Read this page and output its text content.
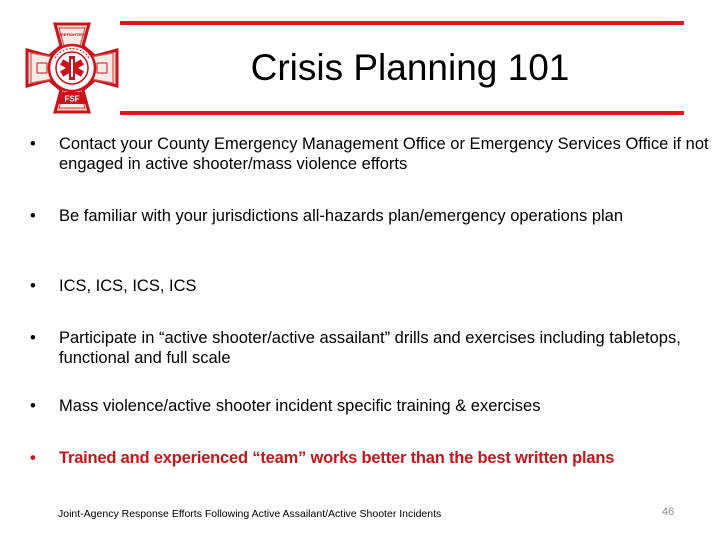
FSF
FIREFIGHTERS
Crisis Planning 101
•	Contact your County Emergency Management Office or Emergency Services Office if not engaged in active shooter/mass violence efforts
•	Be familiar with your jurisdictions all-hazards plan/emergency operations plan
•	ICS, ICS, ICS, ICS
•	Participate in “active shooter/active assailant” drills and exercises including tabletops, functional and full scale
•	Mass violence/active shooter incident specific training & exercises
•	Trained and experienced “team” works better than the best written plans
Joint-Agency Response Efforts Following Active Assailant/Active Shooter Incidents	46
